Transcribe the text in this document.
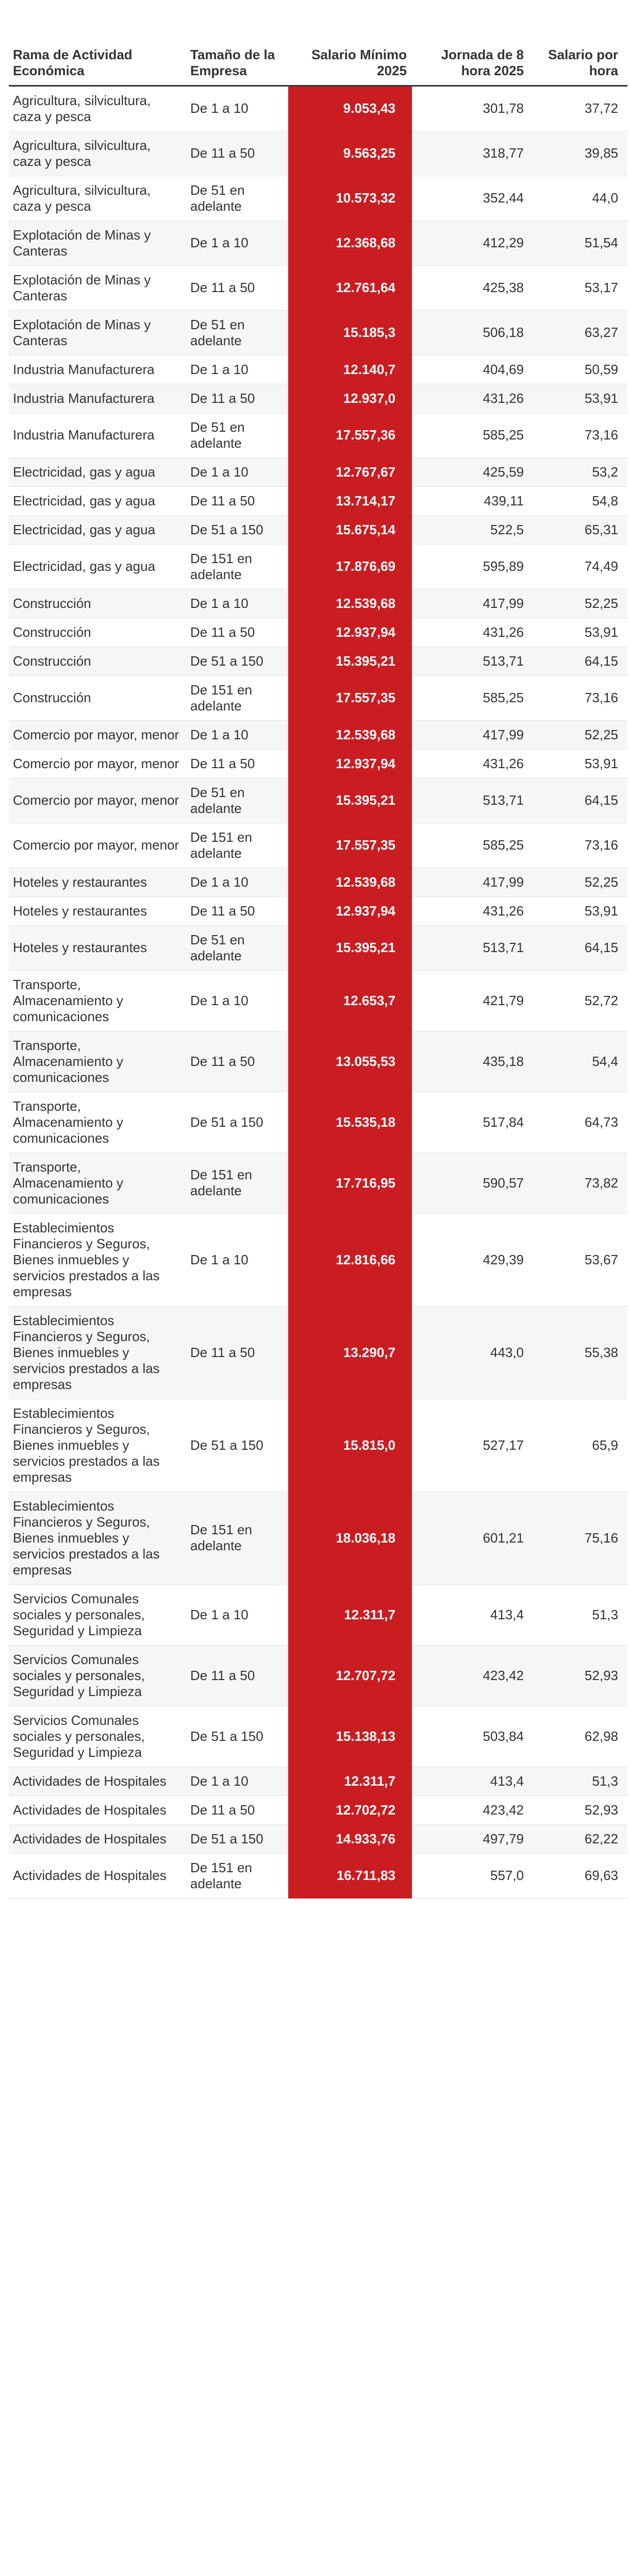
Rama de Actividad Económica	Tamaño de la Empresa	Salario Mínimo 2025	Jornada de 8 hora 2025	Salario por hora
Agricultura, silvicultura, caza y pesca	De 1 a 10	9.053,43	301,78	37,72
Agricultura, silvicultura, caza y pesca	De 11 a 50	9.563,25	318,77	39,85
Agricultura, silvicultura, caza y pesca	De 51 en adelante	10.573,32	352,44	44,0
Explotación de Minas y Canteras	De 1 a 10	12.368,68	412,29	51,54
Explotación de Minas y Canteras	De 11 a 50	12.761,64	425,38	53,17
Explotación de Minas y Canteras	De 51 en adelante	15.185,3	506,18	63,27
Industria Manufacturera	De 1 a 10	12.140,7	404,69	50,59
Industria Manufacturera	De 11 a 50	12.937,0	431,26	53,91
Industria Manufacturera	De 51 en adelante	17.557,36	585,25	73,16
Electricidad, gas y agua	De 1 a 10	12.767,67	425,59	53,2
Electricidad, gas y agua	De 11 a 50	13.714,17	439,11	54,8
Electricidad, gas y agua	De 51 a 150	15.675,14	522,5	65,31
Electricidad, gas y agua	De 151 en adelante	17.876,69	595,89	74,49
Construcción	De 1 a 10	12.539,68	417,99	52,25
Construcción	De 11 a 50	12.937,94	431,26	53,91
Construcción	De 51 a 150	15.395,21	513,71	64,15
Construcción	De 151 en adelante	17.557,35	585,25	73,16
Comercio por mayor, menor	De 1 a 10	12.539,68	417,99	52,25
Comercio por mayor, menor	De 11 a 50	12.937,94	431,26	53,91
Comercio por mayor, menor	De 51 en adelante	15.395,21	513,71	64,15
Comercio por mayor, menor	De 151 en adelante	17.557,35	585,25	73,16
Hoteles y restaurantes	De 1 a 10	12.539,68	417,99	52,25
Hoteles y restaurantes	De 11 a 50	12.937,94	431,26	53,91
Hoteles y restaurantes	De 51 en adelante	15.395,21	513,71	64,15
Transporte, Almacenamiento y comunicaciones	De 1 a 10	12.653,7	421,79	52,72
Transporte, Almacenamiento y comunicaciones	De 11 a 50	13.055,53	435,18	54,4
Transporte, Almacenamiento y comunicaciones	De 51 a 150	15.535,18	517,84	64,73
Transporte, Almacenamiento y comunicaciones	De 151 en adelante	17.716,95	590,57	73,82
Establecimientos Financieros y Seguros, Bienes inmuebles y servicios prestados a las empresas	De 1 a 10	12.816,66	429,39	53,67
Establecimientos Financieros y Seguros, Bienes inmuebles y servicios prestados a las empresas	De 11 a 50	13.290,7	443,0	55,38
Establecimientos Financieros y Seguros, Bienes inmuebles y servicios prestados a las empresas	De 51 a 150	15.815,0	527,17	65,9
Establecimientos Financieros y Seguros, Bienes inmuebles y servicios prestados a las empresas	De 151 en adelante	18.036,18	601,21	75,16
Servicios Comunales sociales y personales, Seguridad y Limpieza	De 1 a 10	12.311,7	413,4	51,3
Servicios Comunales sociales y personales, Seguridad y Limpieza	De 11 a 50	12.707,72	423,42	52,93
Servicios Comunales sociales y personales, Seguridad y Limpieza	De 51 a 150	15.138,13	503,84	62,98
Actividades de Hospitales	De 1 a 10	12.311,7	413,4	51,3
Actividades de Hospitales	De 11 a 50	12.702,72	423,42	52,93
Actividades de Hospitales	De 51 a 150	14.933,76	497,79	62,22
Actividades de Hospitales	De 151 en adelante	16.711,83	557,0	69,63
